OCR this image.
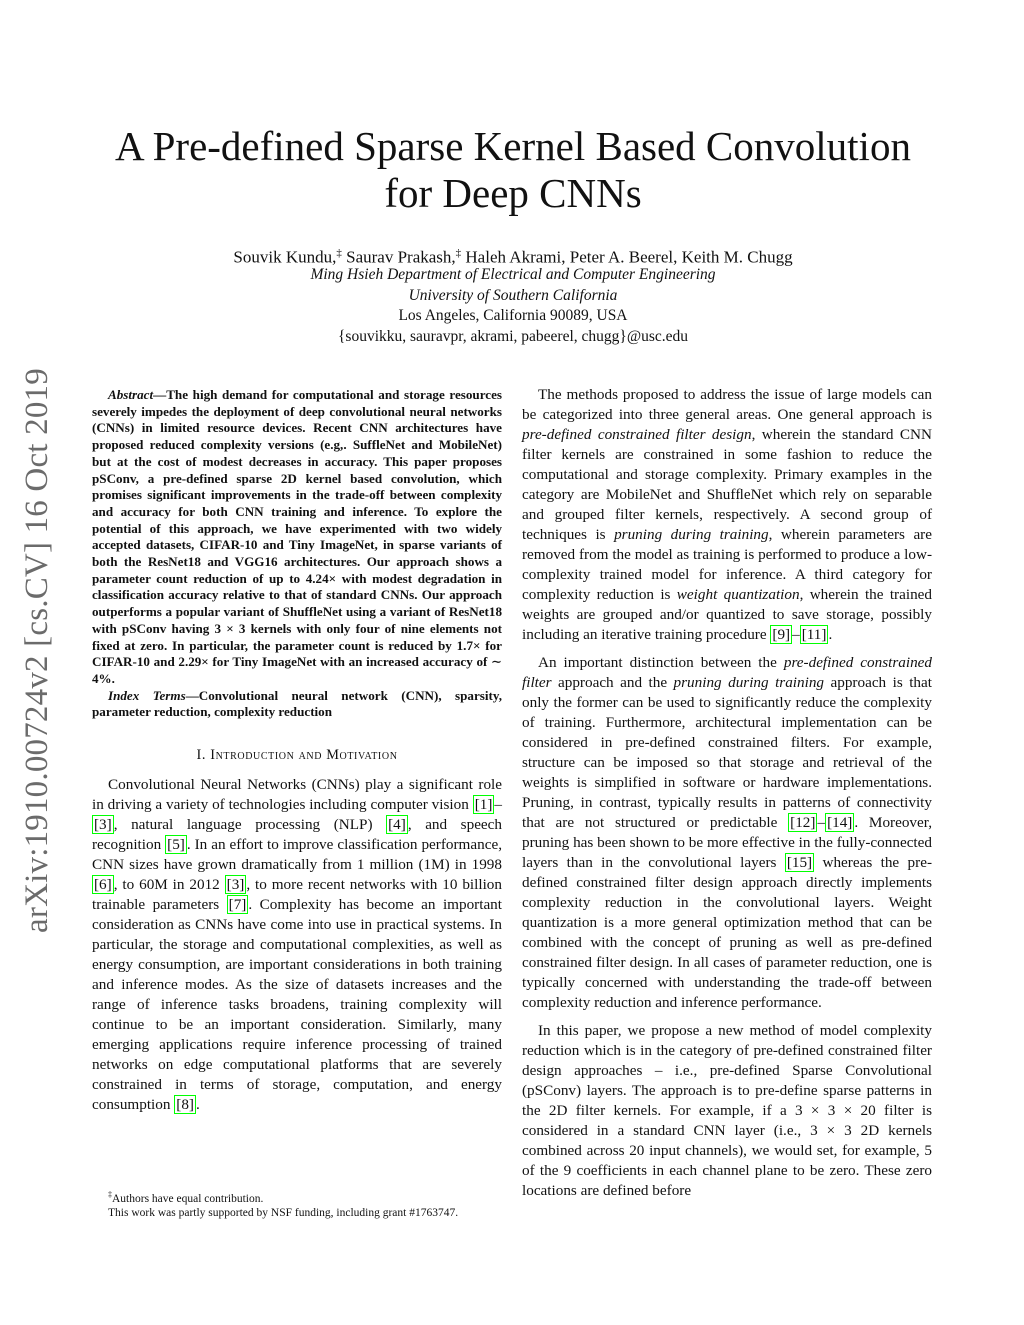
arXiv:1910.00724v2 [cs.CV] 16 Oct 2019
A Pre-defined Sparse Kernel Based Convolution
for Deep CNNs
Souvik Kundu,‡ Saurav Prakash,‡ Haleh Akrami, Peter A. Beerel, Keith M. Chugg
Ming Hsieh Department of Electrical and Computer Engineering
University of Southern California
Los Angeles, California 90089, USA
{souvikku, sauravpr, akrami, pabeerel, chugg}@usc.edu

Abstract—The high demand for computational and storage resources severely impedes the deployment of deep convolutional neural networks (CNNs) in limited resource devices. Recent CNN architectures have proposed reduced complexity versions (e.g,. SuffleNet and MobileNet) but at the cost of modest decreases in accuracy. This paper proposes pSConv, a pre-defined sparse 2D kernel based convolution, which promises significant improvements in the trade-off between complexity and accuracy for both CNN training and inference. To explore the potential of this approach, we have experimented with two widely accepted datasets, CIFAR-10 and Tiny ImageNet, in sparse variants of both the ResNet18 and VGG16 architectures. Our approach shows a parameter count reduction of up to 4.24× with modest degradation in classification accuracy relative to that of standard CNNs. Our approach outperforms a popular variant of ShuffleNet using a variant of ResNet18 with pSConv having 3 × 3 kernels with only four of nine elements not fixed at zero. In particular, the parameter count is reduced by 1.7× for CIFAR-10 and 2.29× for Tiny ImageNet with an increased accuracy of ∼ 4%.

Index Terms—Convolutional neural network (CNN), sparsity, parameter reduction, complexity reduction

I. Introduction and Motivation

Convolutional Neural Networks (CNNs) play a significant role in driving a variety of technologies including computer vision [1] –[3] , natural language processing (NLP) [4] , and speech recognition [5] . In an effort to improve classification performance, CNN sizes have grown dramatically from 1 million (1M) in 1998 [6] , to 60M in 2012 [3] , to more recent networks with 10 billion trainable parameters [7] . Complexity has become an important consideration as CNNs have come into use in practical systems. In particular, the storage and computational complexities, as well as energy consumption, are important considerations in both training and inference modes. As the size of datasets increases and the range of inference tasks broadens, training complexity will continue to be an important consideration. Similarly, many emerging applications require inference processing of trained networks on edge computational platforms that are severely constrained in terms of storage, computation, and energy consumption [8] .

‡Authors have equal contribution.
This work was partly supported by NSF funding, including grant #1763747.

The methods proposed to address the issue of large models can be categorized into three general areas. One general approach is pre-defined constrained filter design, wherein the standard CNN filter kernels are constrained in some fashion to reduce the computational and storage complexity. Primary examples in the category are MobileNet and ShufﬂeNet which rely on separable and grouped filter kernels, respectively. A second group of techniques is pruning during training, wherein parameters are removed from the model as training is performed to produce a low-complexity trained model for inference. A third category for complexity reduction is weight quantization, wherein the trained weights are grouped and/or quantized to save storage, possibly including an iterative training procedure [9] – [11] .

An important distinction between the pre-defined constrained filter approach and the pruning during training approach is that only the former can be used to significantly reduce the complexity of training. Furthermore, architectural implementation can be considered in pre-defined constrained filters. For example, structure can be imposed so that storage and retrieval of the weights is simplified in software or hardware implementations. Pruning, in contrast, typically results in patterns of connectivity that are not structured or predictable [12] – [14] . Moreover, pruning has been shown to be more effective in the fully-connected layers than in the convolutional layers [15] whereas the pre-defined constrained filter design approach directly implements complexity reduction in the convolutional layers. Weight quantization is a more general optimization method that can be combined with the concept of pruning as well as pre-defined constrained filter design. In all cases of parameter reduction, one is typically concerned with understanding the trade-off between complexity reduction and inference performance.

In this paper, we propose a new method of model complexity reduction which is in the category of pre-defined constrained filter design approaches – i.e., pre-defined Sparse Convolutional (pSConv) layers. The approach is to pre-define sparse patterns in the 2D filter kernels. For example, if a 3 × 3 × 20 filter is considered in a standard CNN layer (i.e., 3 × 3 2D kernels combined across 20 input channels), we would set, for example, 5 of the 9 coefficients in each channel plane to be zero. These zero locations are defined before
